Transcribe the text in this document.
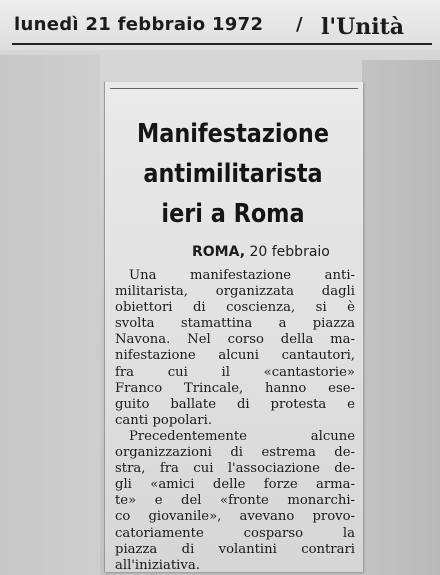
lunedì 21 febbraio 1972 / l'Unità
Manifestazione
antimilitarista
ieri a Roma
ROMA, 20 febbraio
Una manifestazione anti-
militarista, organizzata dagli
obiettori di coscienza, si è
svolta stamattina a piazza
Navona. Nel corso della ma-
nifestazione alcuni cantautori,
fra cui il «cantastorie»
Franco Trincale, hanno ese-
guito ballate di protesta e
canti popolari.
Precedentemente alcune
organizzazioni di estrema de-
stra, fra cui l'associazione de-
gli «amici delle forze arma-
te» e del «fronte monarchi-
co giovanile», avevano provo-
catoriamente cosparso la
piazza di volantini contrari
all'iniziativa.
